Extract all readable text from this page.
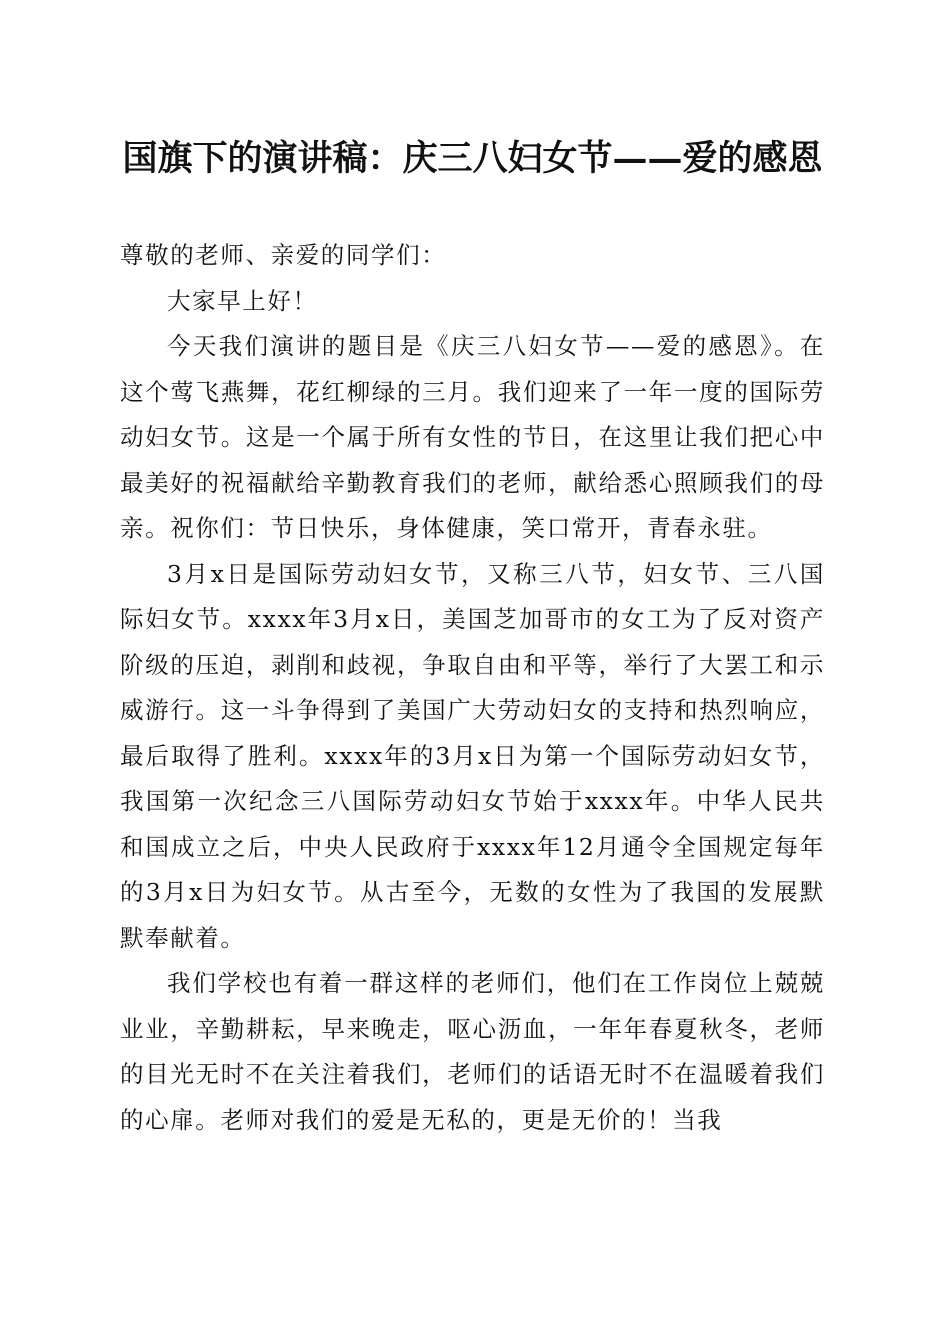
国旗下的演讲稿：庆三八妇女节——爱的感恩

尊敬的老师、亲爱的同学们：

大家早上好！

今天我们演讲的题目是《庆三八妇女节——爱的感恩》。在这个莺飞燕舞，花红柳绿的三月。我们迎来了一年一度的国际劳动妇女节。这是一个属于所有女性的节日，在这里让我们把心中最美好的祝福献给辛勤教育我们的老师，献给悉心照顾我们的母亲。祝你们：节日快乐，身体健康，笑口常开，青春永驻。

3月x日是国际劳动妇女节，又称三八节，妇女节、三八国际妇女节。xxxx年3月x日，美国芝加哥市的女工为了反对资产阶级的压迫，剥削和歧视，争取自由和平等，举行了大罢工和示威游行。这一斗争得到了美国广大劳动妇女的支持和热烈响应，最后取得了胜利。xxxx年的3月x日为第一个国际劳动妇女节，我国第一次纪念三八国际劳动妇女节始于xxxx年。中华人民共和国成立之后，中央人民政府于xxxx年12月通令全国规定每年的3月x日为妇女节。从古至今，无数的女性为了我国的发展默默奉献着。

我们学校也有着一群这样的老师们，他们在工作岗位上兢兢业业，辛勤耕耘，早来晚走，呕心沥血，一年年春夏秋冬，老师的目光无时不在关注着我们，老师们的话语无时不在温暖着我们的心扉。老师对我们的爱是无私的，更是无价的！当我
